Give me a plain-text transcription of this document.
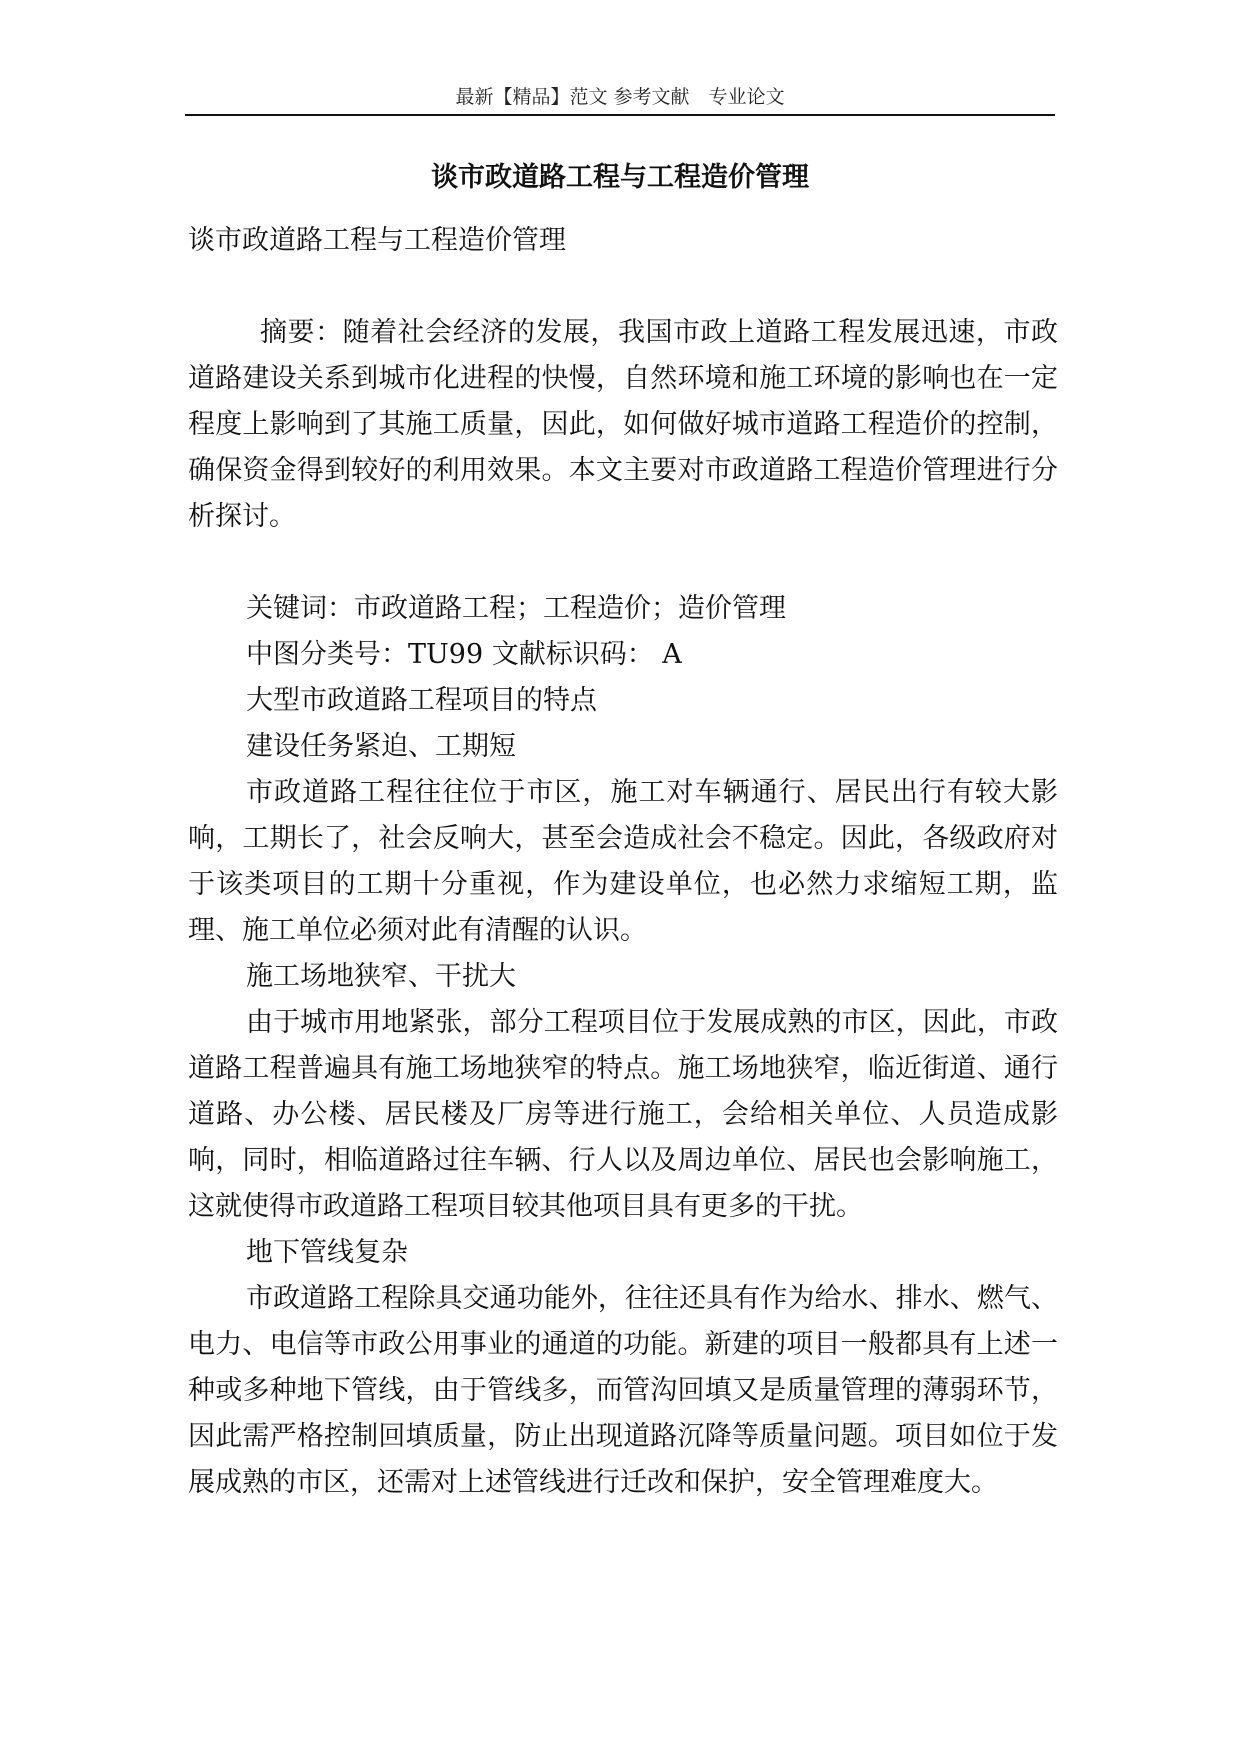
最新【精品】范文 参考文献　专业论文
谈市政道路工程与工程造价管理

谈市政道路工程与工程造价管理

摘要：随着社会经济的发展，我国市政上道路工程发展迅速，市政道路建设关系到城市化进程的快慢，自然环境和施工环境的影响也在一定程度上影响到了其施工质量，因此，如何做好城市道路工程造价的控制，确保资金得到较好的利用效果。本文主要对市政道路工程造价管理进行分析探讨。

关键词：市政道路工程；工程造价；造价管理

中图分类号：TU99 文献标识码： A

大型市政道路工程项目的特点

建设任务紧迫、工期短

市政道路工程往往位于市区，施工对车辆通行、居民出行有较大影响，工期长了，社会反响大，甚至会造成社会不稳定。因此，各级政府对于该类项目的工期十分重视，作为建设单位，也必然力求缩短工期，监理、施工单位必须对此有清醒的认识。

施工场地狭窄、干扰大

由于城市用地紧张，部分工程项目位于发展成熟的市区，因此，市政道路工程普遍具有施工场地狭窄的特点。施工场地狭窄，临近街道、通行道路、办公楼、居民楼及厂房等进行施工，会给相关单位、人员造成影响，同时，相临道路过往车辆、行人以及周边单位、居民也会影响施工，这就使得市政道路工程项目较其他项目具有更多的干扰。

地下管线复杂

市政道路工程除具交通功能外，往往还具有作为给水、排水、燃气、电力、电信等市政公用事业的通道的功能。新建的项目一般都具有上述一种或多种地下管线，由于管线多，而管沟回填又是质量管理的薄弱环节，因此需严格控制回填质量，防止出现道路沉降等质量问题。项目如位于发展成熟的市区，还需对上述管线进行迁改和保护，安全管理难度大。
